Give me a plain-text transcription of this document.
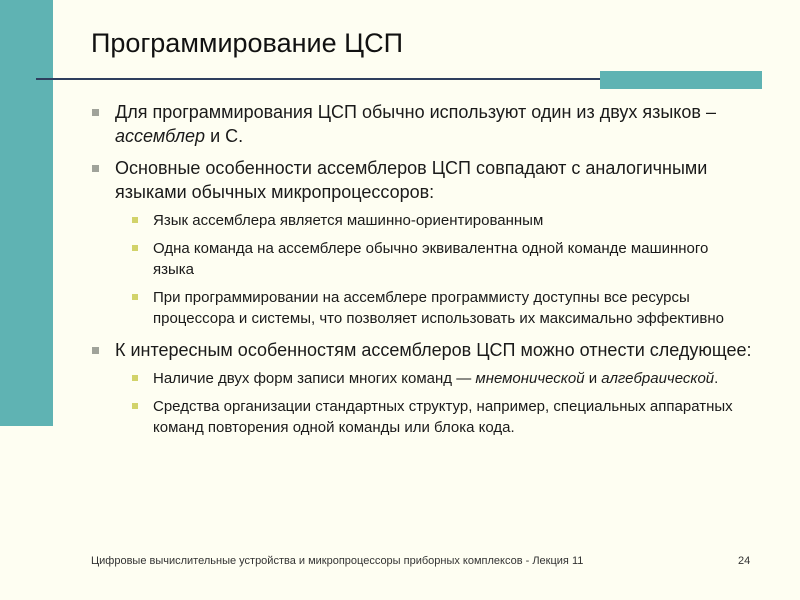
Программирование ЦСП
Для программирования ЦСП обычно используют один из двух языков – ассемблер и С.
Основные особенности ассемблеров ЦСП совпадают с аналогичными языками обычных микропроцессоров:
Язык ассемблера является машинно-ориентированным
Одна команда на ассемблере обычно эквивалентна одной команде машинного языка
При программировании на ассемблере программисту доступны все ресурсы процессора и системы, что позволяет использовать их максимально эффективно
К интересным особенностям ассемблеров ЦСП можно отнести следующее:
Наличие двух форм записи многих команд — мнемонической и алгебраической.
Средства организации стандартных структур, например, специальных аппаратных команд повторения одной команды или блока кода.
Цифровые вычислительные устройства и микропроцессоры приборных комплексов - Лекция 11	24
